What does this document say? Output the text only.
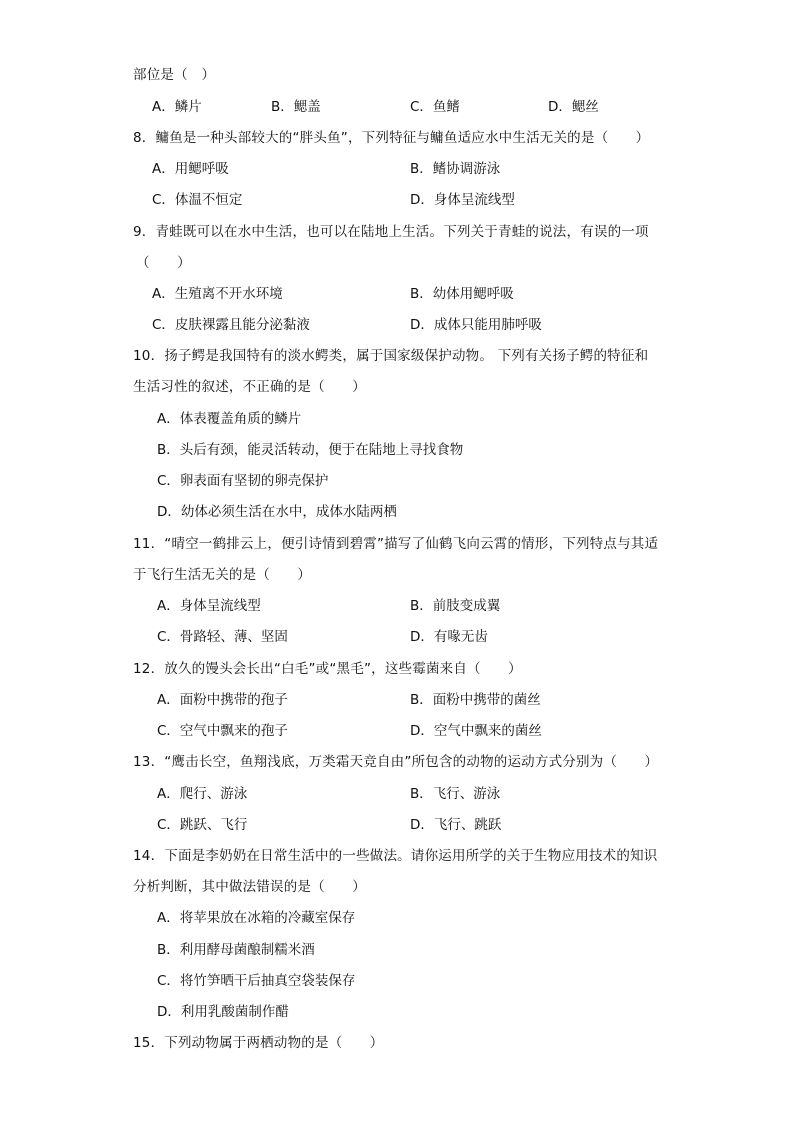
部位是（　）
A．鳞片	B．鳃盖	C．鱼鳍	D．鳃丝
8．鳙鱼是一种头部较大的“胖头鱼”，下列特征与鳙鱼适应水中生活无关的是（　　）
A．用鳃呼吸	B．鳍协调游泳
C．体温不恒定	D．身体呈流线型
9．青蛙既可以在水中生活，也可以在陆地上生活。下列关于青蛙的说法，有误的一项
（　　）
A．生殖离不开水环境	B．幼体用鳃呼吸
C．皮肤裸露且能分泌黏液	D．成体只能用肺呼吸
10．扬子鳄是我国特有的淡水鳄类，属于国家级保护动物。 下列有关扬子鳄的特征和
生活习性的叙述，不正确的是（　　）
A．体表覆盖角质的鳞片
B．头后有颈，能灵活转动，便于在陆地上寻找食物
C．卵表面有坚韧的卵壳保护
D．幼体必须生活在水中，成体水陆两栖
11．“晴空一鹤排云上，便引诗情到碧霄”描写了仙鹤飞向云霄的情形，下列特点与其适
于飞行生活无关的是（　　）
A．身体呈流线型	B．前肢变成翼
C．骨路轻、薄、坚固	D．有喙无齿
12．放久的馒头会长出“白毛”或“黑毛”，这些霉菌来自（　　）
A．面粉中携带的孢子	B．面粉中携带的菌丝
C．空气中飘来的孢子	D．空气中飘来的菌丝
13．“鹰击长空，鱼翔浅底，万类霜天竞自由”所包含的动物的运动方式分别为（　　）
A．爬行、游泳	B．飞行、游泳
C．跳跃、飞行	D．飞行、跳跃
14．下面是李奶奶在日常生活中的一些做法。请你运用所学的关于生物应用技术的知识
分析判断，其中做法错误的是（　　）
A．将苹果放在冰箱的冷藏室保存
B．利用酵母菌酿制糯米酒
C．将竹笋晒干后抽真空袋装保存
D．利用乳酸菌制作醋
15．下列动物属于两栖动物的是（　　）
